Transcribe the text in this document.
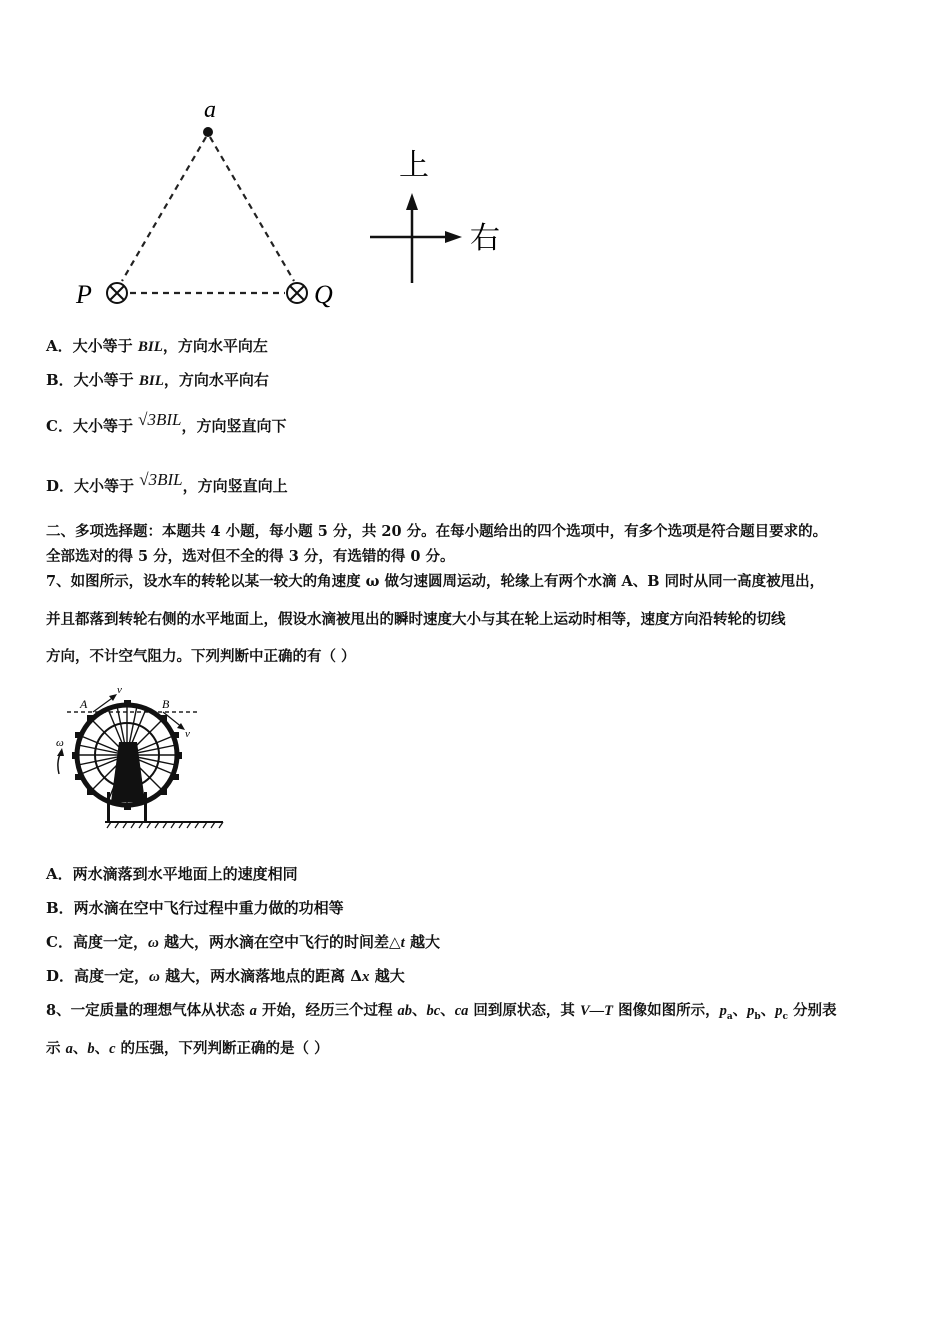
a
P	Q
上
右
A．大小等于 BIL，方向水平向左
B．大小等于 BIL，方向水平向右
C．大小等于 √3BIL，方向竖直向下
D．大小等于 √3BIL，方向竖直向上
二、多项选择题：本题共 4 小题，每小题 5 分，共 20 分。在每小题给出的四个选项中，有多个选项是符合题目要求的。
全部选对的得 5 分，选对但不全的得 3 分，有选错的得 0 分。
7、如图所示，设水车的转轮以某一较大的角速度 ω 做匀速圆周运动，轮缘上有两个水滴 A、B 同时从同一高度被甩出，
并且都落到转轮右侧的水平地面上，假设水滴被甩出的瞬时速度大小与其在轮上运动时相等，速度方向沿转轮的切线
方向，不计空气阻力。下列判断中正确的有（ ）
A
v
B
v
ω
A．两水滴落到水平地面上的速度相同
B．两水滴在空中飞行过程中重力做的功相等
C．高度一定，ω 越大，两水滴在空中飞行的时间差△t 越大
D．高度一定，ω 越大，两水滴落地点的距离 Δx 越大
8、一定质量的理想气体从状态 a 开始，经历三个过程 ab、bc、ca 回到原状态，其 V—T 图像如图所示，$p_a$、$p_b$、$p_c$ 分别表
示 a、b、c 的压强，下列判断正确的是（ ）
